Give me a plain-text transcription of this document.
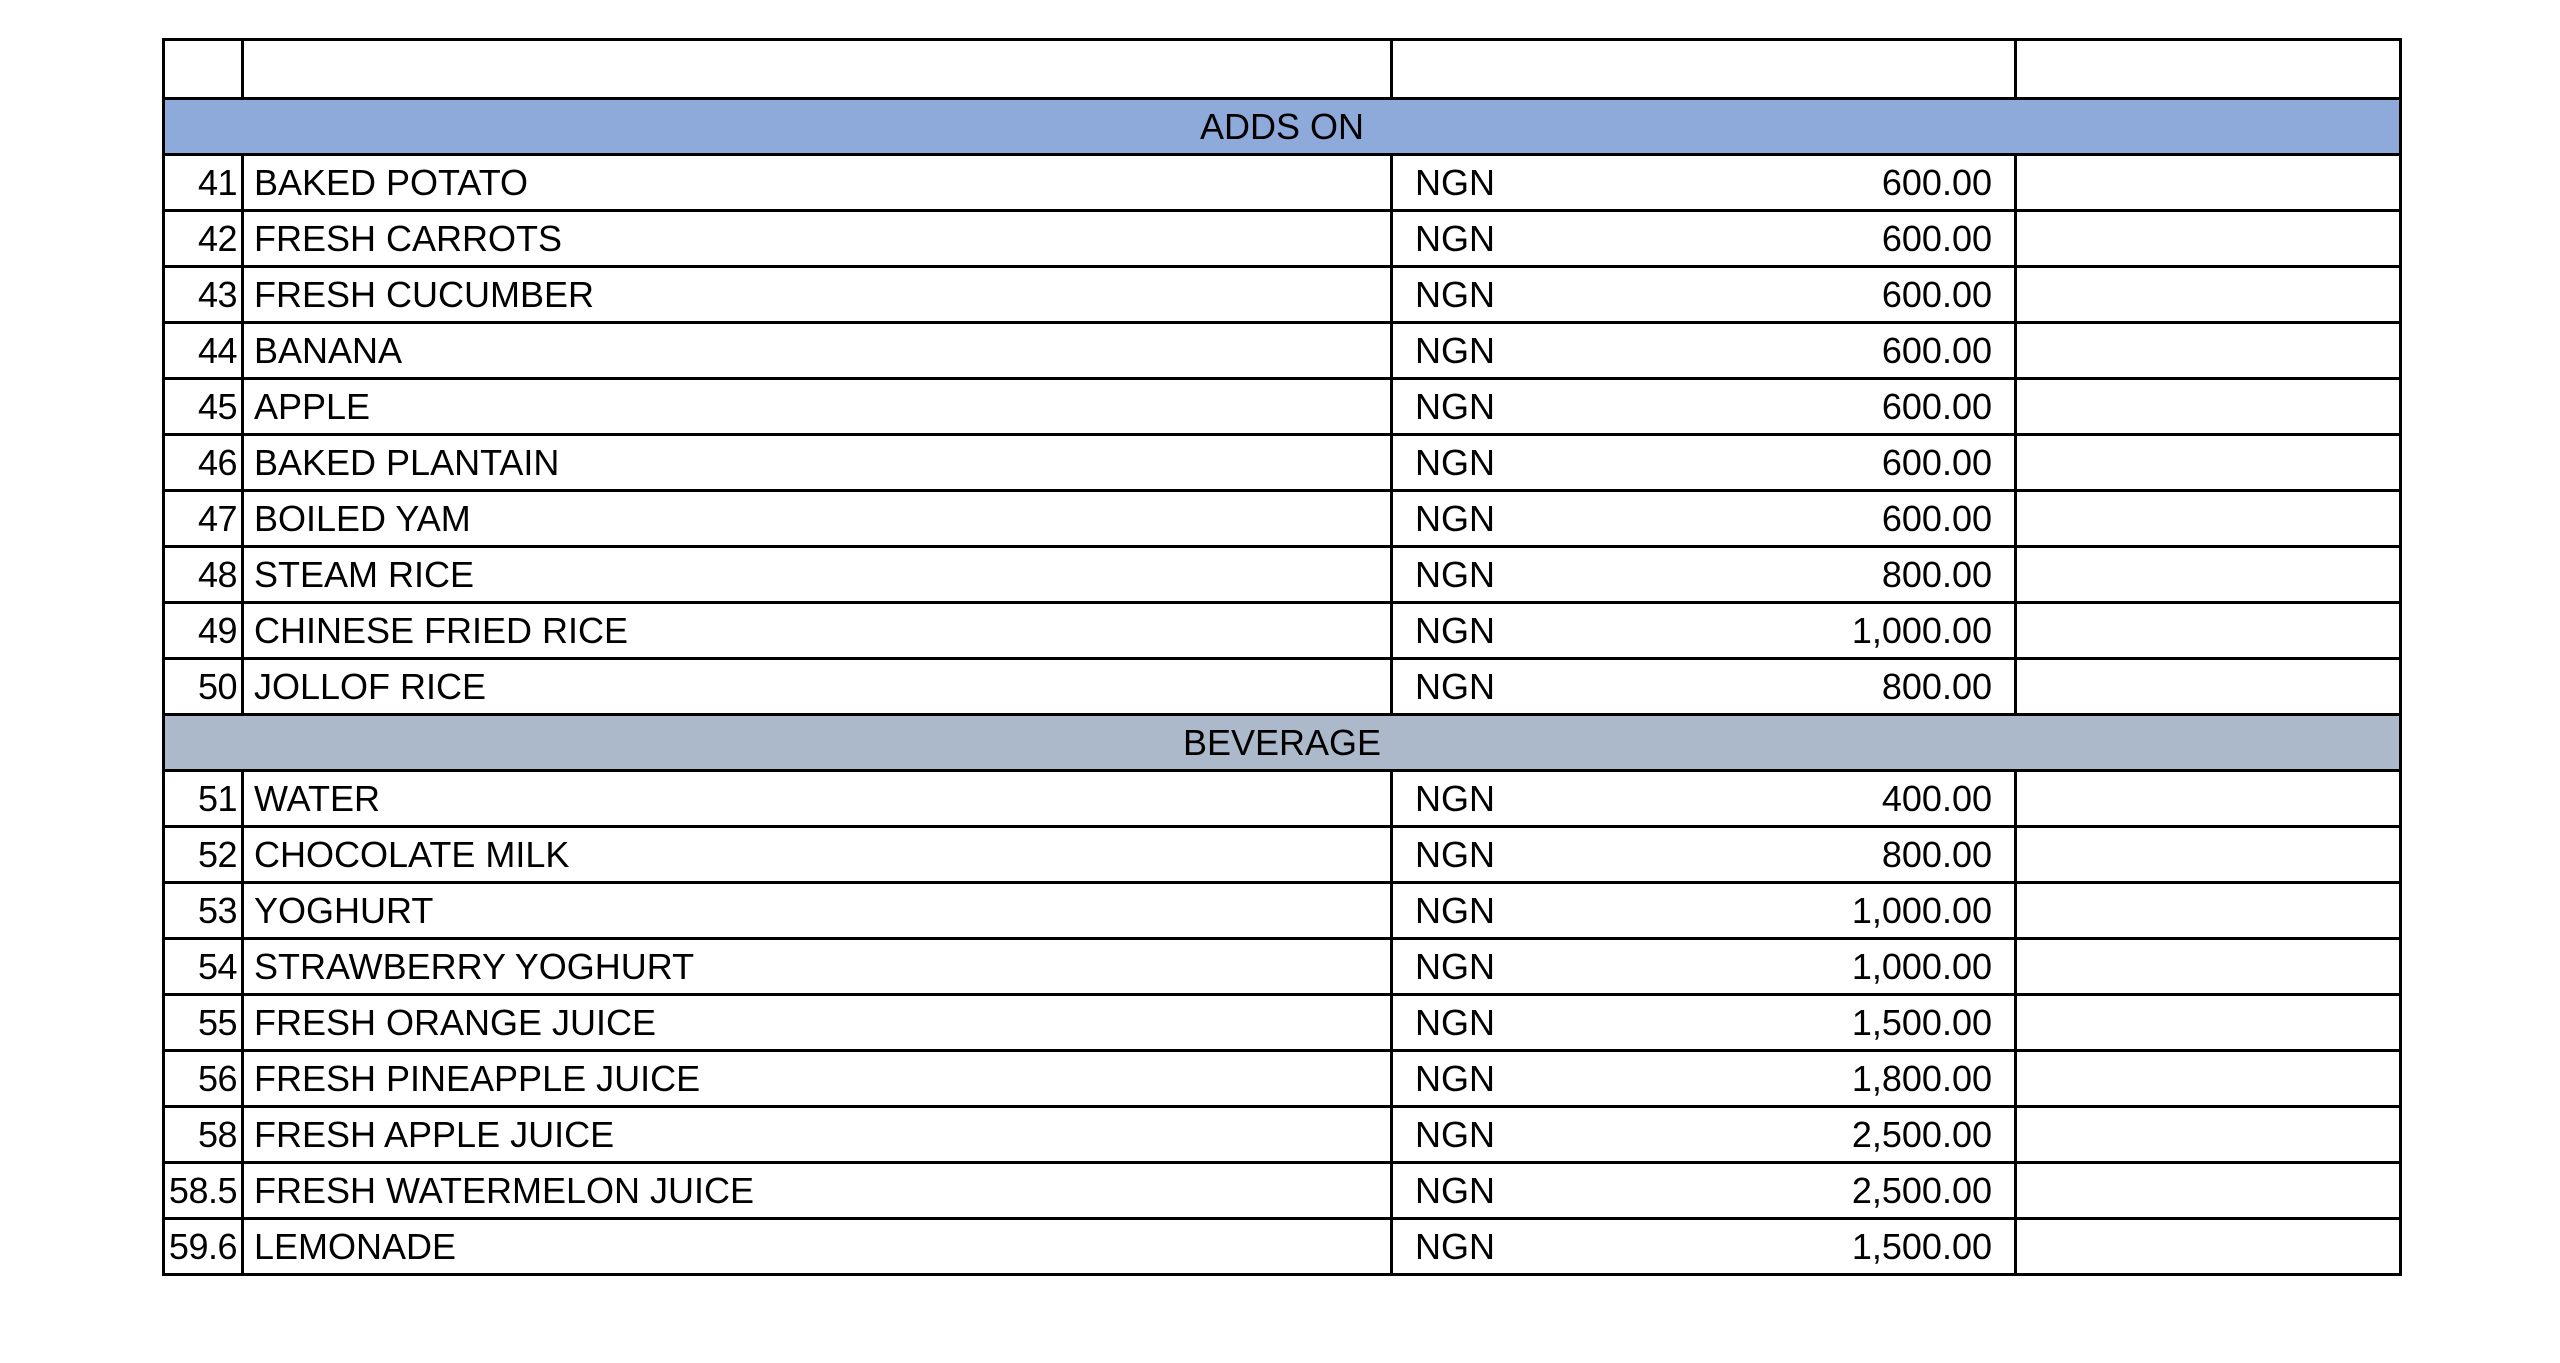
ADDS ON			
41	BAKED POTATO	NGN 600.00	

42	FRESH CARROTS	NGN 600.00	

43	FRESH CUCUMBER	NGN 600.00	

44	BANANA	NGN 600.00	

45	APPLE	NGN 600.00	

46	BAKED PLANTAIN	NGN 600.00	

47	BOILED YAM	NGN 600.00	

48	STEAM RICE	NGN 800.00	

49	CHINESE FRIED RICE	NGN 1,000.00	

50	JOLLOF RICE	NGN 800.00	

BEVERAGE			
51	WATER	NGN 400.00	

52	CHOCOLATE MILK	NGN 800.00	

53	YOGHURT	NGN 1,000.00	

54	STRAWBERRY YOGHURT	NGN 1,000.00	

55	FRESH ORANGE JUICE	NGN 1,500.00	

56	FRESH PINEAPPLE JUICE	NGN 1,800.00	

58	FRESH APPLE JUICE	NGN 2,500.00	

58.5	FRESH WATERMELON JUICE	NGN 2,500.00	

59.6	LEMONADE	NGN 1,500.00	
